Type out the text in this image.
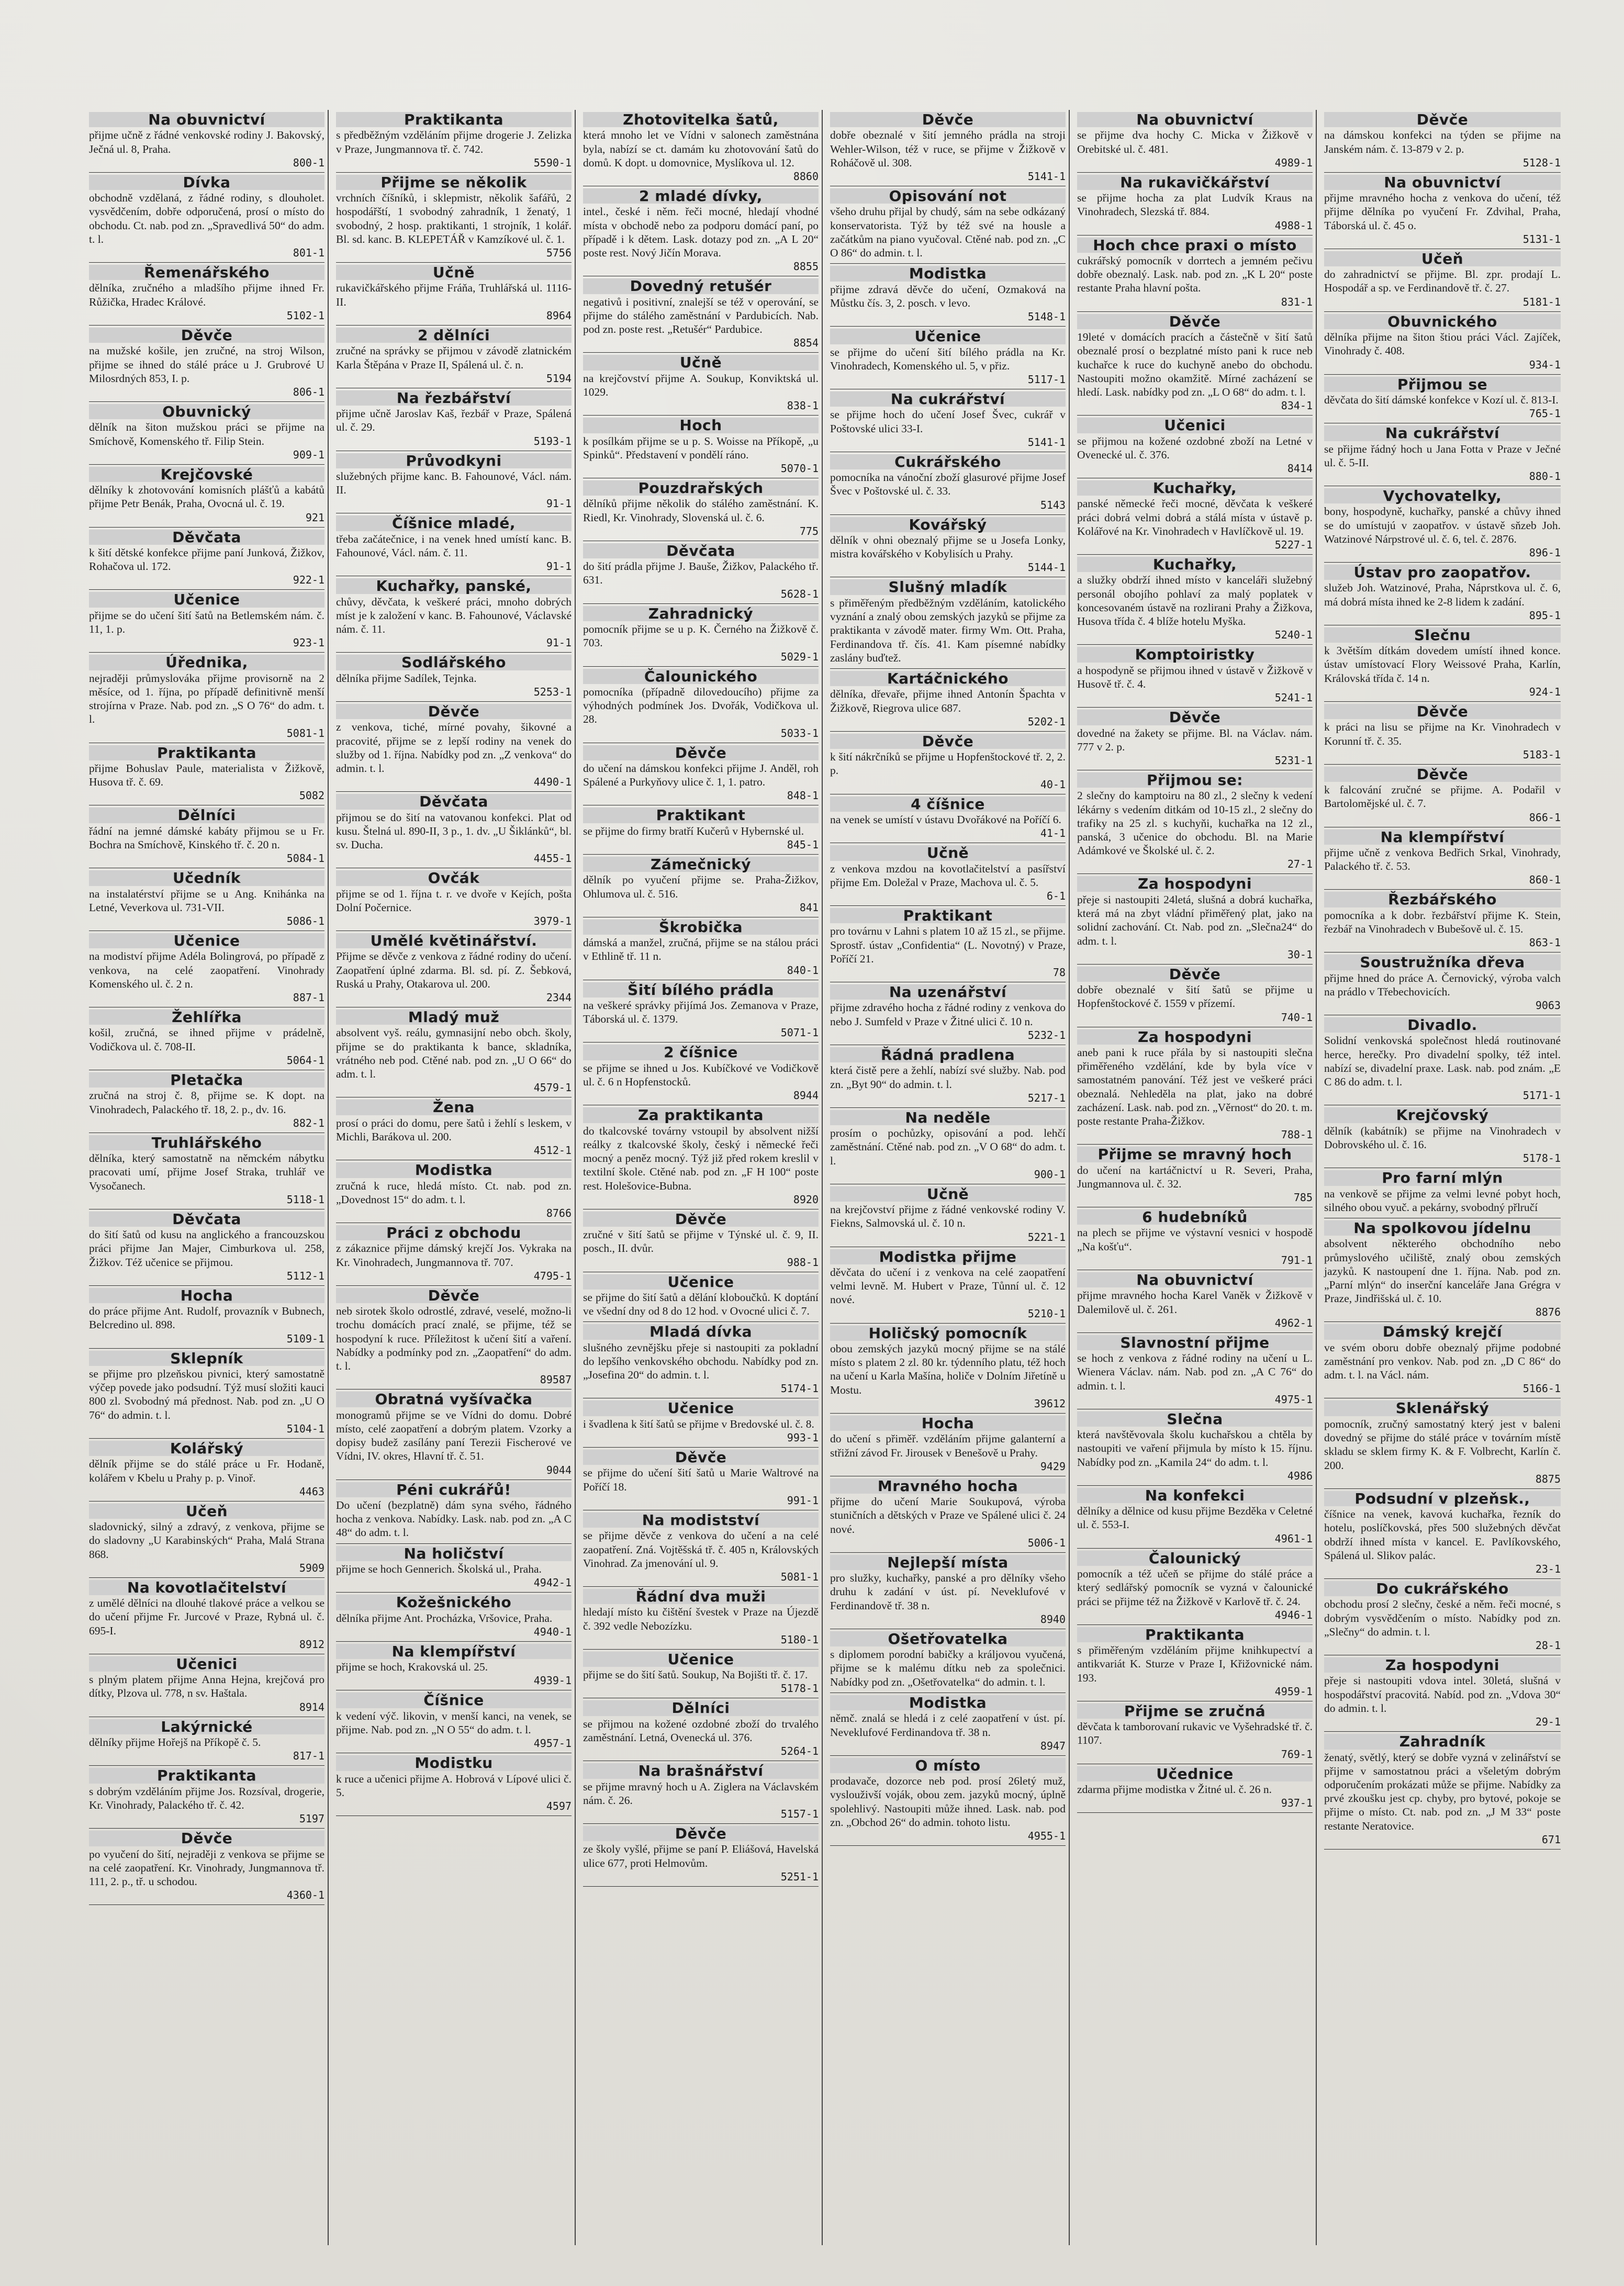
Na obuvnictví

přijme učně z řádné venkovské rodiny J. Bakovský, Ječná ul. 8, Praha.

800-1
Dívka

obchodně vzdělaná, z řádné rodiny, s dlouholet. vysvědčením, dobře odporučená, prosí o místo do obchodu. Ct. nab. pod zn. „Spravedlivá 50“ do adm. t. l.

801-1
Řemenářského

dělníka, zručného a mladšího přijme ihned Fr. Růžička, Hradec Králové.

5102-1
Děvče

na mužské košile, jen zručné, na stroj Wilson, přijme se ihned do stálé práce u J. Grubrové U Milosrdných 853, I. p.

806-1
Obuvnický

dělník na šiton mužskou práci se přijme na Smíchově, Komenského tř. Filip Stein.

909-1
Krejčovské

dělníky k zhotovování komisních plášťů a kabátů přijme Petr Benák, Praha, Ovocná ul. č. 19.

921
Děvčata

k šití dětské konfekce přijme paní Junková, Žižkov, Rohačova ul. 172.

922-1
Učenice

přijme se do učení šití šatů na Betlemském nám. č. 11, 1. p.

923-1
Úřednika,

nejraději průmyslováka přijme provisorně na 2 měsíce, od 1. října, po případě definitivně menší strojírna v Praze. Nab. pod zn. „S O 76“ do adm. t. l.

5081-1
Praktikanta

přijme Bohuslav Paule, materialista v Žižkově, Husova tř. č. 69.

5082
Dělníci

řádní na jemné dámské kabáty přijmou se u Fr. Bochra na Smíchově, Kinského tř. č. 20 n.

5084-1
Učedník

na instalatérství přijme se u Ang. Knihánka na Letné, Veverkova ul. 731-VII.

5086-1
Učenice

na modiství přijme Adéla Bolingrová, po případě z venkova, na celé zaopatření. Vinohrady Komenského ul. č. 2 n.

887-1
Žehlířka

košil, zručná, se ihned přijme v prádelně, Vodičkova ul. č. 708-II.

5064-1
Pletačka

zručná na stroj č. 8, přijme se. K dopt. na Vinohradech, Palackého tř. 18, 2. p., dv. 16.

882-1
Truhlářského

dělníka, který samostatně na němckém nábytku pracovati umí, přijme Josef Straka, truhlář ve Vysočanech.

5118-1
Děvčata

do šití šatů od kusu na anglického a francouzskou práci přijme Jan Majer, Cimburkova ul. 258, Žižkov. Též učenice se přijmou.

5112-1
Hocha

do práce přijme Ant. Rudolf, provazník v Bubnech, Belcredino ul. 898.

5109-1
Sklepník

se přijme pro plzeňskou pivnici, který samostatně výčep povede jako podsudní. Týž musí složiti kauci 800 zl. Svobodný má přednost. Nab. pod zn. „U O 76“ do admin. t. l.

5104-1
Kolářský

dělník přijme se do stálé práce u Fr. Hodaně, kolářem v Kbelu u Prahy p. p. Vinoř.

4463
Učeň

sladovnický, silný a zdravý, z venkova, přijme se do sladovny „U Karabinských“ Praha, Malá Strana 868.

5909
Na kovotlačitelství

z umělé dělníci na dlouhé tlakové práce a velkou se do učení přijme Fr. Jurcové v Praze, Rybná ul. č. 695-I.

8912
Učenici

s plným platem přijme Anna Hejna, krejčová pro dítky, Plzova ul. 778, n sv. Haštala.

8914
Lakýrnické

dělníky přijme Hořejš na Příkopě č. 5.

817-1
Praktikanta

s dobrým vzděláním přijme Jos. Rozsíval, drogerie, Kr. Vinohrady, Palackého tř. č. 42.

5197
Děvče

po vyučení do šití, nejraději z venkova se přijme se na celé zaopatření. Kr. Vinohrady, Jungmannova tř. 111, 2. p., tř. u schodou.

4360-1
Praktikanta

s předběžným vzděláním přijme drogerie J. Zelizka v Praze, Jungmannova tř. č. 742.

5590-1
Přijme se několik

vrchních číšníků, i sklepmistr, několik šafářů, 2 hospodářští, 1 svobodný zahradník, 1 ženatý, 1 svobodný, 2 hosp. praktikanti, 1 strojník, 1 kolář. Bl. sd. kanc. B. KLEPETÁŘ v Kamzíkové ul. č. 1.

5756
Učně

rukavičkářského přijme Fráňa, Truhlářská ul. 1116-II.

8964
2 dělníci

zručné na správky se přijmou v závodě zlatnickém Karla Štěpána v Praze II, Spálená ul. č. n.

5194
Na řezbářství

přijme učně Jaroslav Kaš, řezbář v Praze, Spálená ul. č. 29.

5193-1
Průvodkyni

služebných přijme kanc. B. Fahounové, Václ. nám. II.

91-1
Číšnice mladé,

třeba začátečnice, i na venek hned umístí kanc. B. Fahounové, Václ. nám. č. 11.

91-1
Kuchařky, panské,

chůvy, děvčata, k veškeré práci, mnoho dobrých míst je k založení v kanc. B. Fahounové, Václavské nám. č. 11.

91-1
Sodlářského

dělníka přijme Sadílek, Tejnka.

5253-1
Děvče

z venkova, tiché, mírné povahy, šikovné a pracovité, přijme se z lepší rodiny na venek do služby od 1. října. Nabídky pod zn. „Z venkova“ do admin. t. l.

4490-1
Děvčata

přijmou se do šití na vatovanou konfekci. Plat od kusu. Štelná ul. 890-II, 3 p., 1. dv. „U Šiklánků“, bl. sv. Ducha.

4455-1
Ovčák

přijme se od 1. října t. r. ve dvoře v Kejích, pošta Dolní Počernice.

3979-1
Umělé květinářství.

Přijme se děvče z venkova z řádné rodiny do učení. Zaopatření úplné zdarma. Bl. sd. pí. Z. Šebková, Ruská u Prahy, Otakarova ul. 200.

2344
Mladý muž

absolvent vyš. reálu, gymnasijní nebo obch. školy, přijme se do praktikanta k bance, skladníka, vrátného neb pod. Ctěné nab. pod zn. „U O 66“ do adm. t. l.

4579-1
Žena

prosí o práci do domu, pere šatů i žehlí s leskem, v Michli, Barákova ul. 200.

4512-1
Modistka

zručná k ruce, hledá místo. Ct. nab. pod zn. „Dovednost 15“ do adm. t. l.

8766
Práci z obchodu

z zákaznice přijme dámský krejčí Jos. Vykraka na Kr. Vinohradech, Jungmannova tř. 707.

4795-1
Děvče

neb sirotek školo odrostlé, zdravé, veselé, možno-li trochu domácích prací znalé, se přijme, též se hospodyní k ruce. Příležitost k učení šití a vaření. Nabídky a podmínky pod zn. „Zaopatření“ do adm. t. l.

89587
Obratná vyšívačka

monogramů přijme se ve Vídni do domu. Dobré místo, celé zaopatření a dobrým platem. Vzorky a dopisy budež zasílány paní Terezii Fischerové ve Vídni, IV. okres, Hlavní tř. č. 51.

9044
Péni cukrářů!

Do učení (bezplatně) dám syna svého, řádného hocha z venkova. Nabídky. Lask. nab. pod zn. „A C 48“ do adm. t. l.

Na holičství

přijme se hoch Gennerich. Školská ul., Praha.

4942-1
Kožešnického

dělníka přijme Ant. Procházka, Vršovice, Praha.

4940-1
Na klempířství

přijme se hoch, Krakovská ul. 25.

4939-1
Číšnice

k vedení výč. likovin, v menší kanci, na venek, se přijme. Nab. pod zn. „N O 55“ do adm. t. l.

4957-1
Modistku

k ruce a učenici přijme A. Hobrová v Lípové ulici č. 5.

4597
Zhotovitelka šatů,

která mnoho let ve Vídni v salonech zaměstnána byla, nabízí se ct. damám ku zhotovování šatů do domů. K dopt. u domovnice, Myslíkova ul. 12.

8860
2 mladé dívky,

intel., české i něm. řeči mocné, hledají vhodné místa v obchodě nebo za podporu domácí paní, po případě i k dětem. Lask. dotazy pod zn. „A L 20“ poste rest. Nový Jičín Morava.

8855
Dovedný retušér

negativů i positivní, znalejší se též v operování, se přijme do stálého zaměstnání v Pardubicích. Nab. pod zn. poste rest. „Retušér“ Pardubice.

8854
Učně

na krejčovství přijme A. Soukup, Konviktská ul. 1029.

838-1
Hoch

k posílkám přijme se u p. S. Woisse na Příkopě, „u Spinků“. Představení v pondělí ráno.

5070-1
Pouzdrařských

dělníků přijme několik do stálého zaměstnání. K. Riedl, Kr. Vinohrady, Slovenská ul. č. 6.

775
Děvčata

do šití prádla přijme J. Bauše, Žižkov, Palackého tř. 631.

5628-1
Zahradnický

pomocník přijme se u p. K. Černého na Žižkově č. 703.

5029-1
Čalounického

pomocníka (případně dilovedoucího) přijme za výhodných podmínek Jos. Dvořák, Vodičkova ul. 28.

5033-1
Děvče

do učení na dámskou konfekci přijme J. Anděl, roh Spálené a Purkyňovy ulice č. 1, 1. patro.

848-1
Praktikant

se přijme do firmy bratří Kučerů v Hybernské ul.

845-1
Zámečnický

dělník po vyučení přijme se. Praha-Žižkov, Ohlumova ul. č. 516.

841
Škrobička

dámská a manžel, zručná, přijme se na stálou práci v Ethlině tř. 11 n.

840-1
Šití bílého prádla

na veškeré správky přijímá Jos. Zemanova v Praze, Táborská ul. č. 1379.

5071-1
2 číšnice

se přijme se ihned u Jos. Kubíčkové ve Vodičkově ul. č. 6 n Hopfenstocků.

8944
Za praktikanta

do tkalcovské továrny vstoupil by absolvent nižší reálky z tkalcovské školy, český i německé řeči mocný a peněz mocný. Týž již před rokem kreslil v textilní škole. Ctěné nab. pod zn. „F H 100“ poste rest. Holešovice-Bubna.

8920
Děvče

zručné v šití šatů se přijme v Týnské ul. č. 9, II. posch., II. dvůr.

988-1
Učenice

se přijme do šití šatů a dělání kloboučků. K doptání ve všední dny od 8 do 12 hod. v Ovocné ulici č. 7.

Mladá dívka

slušného zevnějšku přeje si nastoupiti za pokladní do lepšího venkovského obchodu. Nabídky pod zn. „Josefina 20“ do admin. t. l.

5174-1
Učenice

i švadlena k šití šatů se přijme v Bredovské ul. č. 8.

993-1
Děvče

se přijme do učení šití šatů u Marie Waltrové na Poříčí 18.

991-1
Na modistství

se přijme děvče z venkova do učení a na celé zaopatření. Zná. Vojtěšská tř. č. 405 n, Královských Vinohrad. Za jmenování ul. 9.

5081-1
Řádní dva muži

hledají místo ku čištění švestek v Praze na Újezdě č. 392 vedle Nebozízku.

5180-1
Učenice

přijme se do šití šatů. Soukup, Na Bojišti tř. č. 17.

5178-1
Dělníci

se přijmou na kožené ozdobné zboží do trvalého zaměstnání. Letná, Ovenecká ul. 376.

5264-1
Na brašnářství

se přijme mravný hoch u A. Ziglera na Václavském nám. č. 26.

5157-1
Děvče

ze školy vyšlé, přijme se paní P. Eliášová, Havelská ulice 677, proti Helmovům.

5251-1
Děvče

dobře obeznalé v šití jemného prádla na stroji Wehler-Wilson, též v ruce, se přijme v Žižkově v Roháčově ul. 308.

5141-1
Opisování not

všeho druhu přijal by chudý, sám na sebe odkázaný konservatorista. Týž by též své na housle a začátkům na piano vyučoval. Ctěné nab. pod zn. „C O 86“ do admin. t. l.

Modistka

přijme zdravá děvče do učení, Ozmaková na Můstku čís. 3, 2. posch. v levo.

5148-1
Učenice

se přijme do učení šití bílého prádla na Kr. Vinohradech, Komenského ul. 5, v přiz.

5117-1
Na cukrářství

se přijme hoch do učení Josef Švec, cukrář v Poštovské ulici 33-I.

5141-1
Cukrářského

pomocníka na vánoční zboží glasurové přijme Josef Švec v Poštovské ul. č. 33.

5143
Kovářský

dělník v ohni obeznalý přijme se u Josefa Lonky, mistra kovářského v Kobylisích u Prahy.

5144-1
Slušný mladík

s přiměřeným předběžným vzděláním, katolického vyznání a znalý obou zemských jazyků se přijme za praktikanta v závodě mater. firmy Wm. Ott. Praha, Ferdinandova tř. čís. 41. Kam písemné nabídky zaslány buďtež.

Kartáčnického

dělníka, dřevaře, přijme ihned Antonín Špachta v Žižkově, Riegrova ulice 687.

5202-1
Děvče

k šití nákrčníků se přijme u Hopfenštockové tř. 2, 2. p.

40-1
4 číšnice

na venek se umístí v ústavu Dvořákové na Poříčí 6.

41-1
Učně

z venkova mzdou na kovotlačitelství a pasířství přijme Em. Doležal v Praze, Machova ul. č. 5.

6-1
Praktikant

pro továrnu v Lahni s platem 10 až 15 zl., se přijme. Sprostř. ústav „Confidentia“ (L. Novotný) v Praze, Poříčí 21.

78
Na uzenářství

přijme zdravého hocha z řádné rodiny z venkova do nebo J. Sumfeld v Praze v Žitné ulici č. 10 n.

5232-1
Řádná pradlena

která čistě pere a žehlí, nabízí své služby. Nab. pod zn. „Byt 90“ do admin. t. l.

5217-1
Na neděle

prosím o pochůzky, opisování a pod. lehčí zaměstnání. Ctěné nab. pod zn. „V O 68“ do adm. t. l.

900-1
Učně

na krejčovství přijme z řádné venkovské rodiny V. Fiekns, Salmovská ul. č. 10 n.

5221-1
Modistka přijme

děvčata do učení i z venkova na celé zaopatření velmi levně. M. Hubert v Praze, Tůnní ul. č. 12 nové.

5210-1
Holičský pomocník

obou zemských jazyků mocný přijme se na stálé místo s platem 2 zl. 80 kr. týdenního platu, též hoch na učení u Karla Mašína, holiče v Dolním Jiřetíně u Mostu.

39612
Hocha

do učení s přiměř. vzděláním přijme galanterní a střižní závod Fr. Jirousek v Benešově u Prahy.

9429
Mravného hocha

přijme do učení Marie Soukupová, výroba stuničních a dětských v Praze ve Spálené ulici č. 24 nové.

5006-1
Nejlepší místa

pro služky, kuchařky, panské a pro dělníky všeho druhu k zadání v úst. pí. Neveklufové v Ferdinandově tř. 38 n.

8940
Ošetřovatelka

s diplomem porodní babičky a králjovou vyučená, přijme se k malému dítku neb za společnici. Nabídky pod zn. „Ošetřovatelka“ do admin. t. l.

Modistka

němč. znalá se hledá i z celé zaopatření v úst. pí. Neveklufové Ferdinandova tř. 38 n.

8947
O místo

prodavače, dozorce neb pod. prosí 26letý muž, vyslouživší voják, obou zem. jazyků mocný, úplně spolehlivý. Nastoupiti může ihned. Lask. nab. pod zn. „Obchod 26“ do admin. tohoto listu.

4955-1
Na obuvnictví

se přijme dva hochy C. Micka v Žižkově v Orebitské ul. č. 481.

4989-1
Na rukavičkářství

se přijme hocha za plat Ludvík Kraus na Vinohradech, Slezská tř. 884.

4988-1
Hoch chce praxi o místo

cukrářský pomocník v dorrtech a jemném pečivu dobře obeznalý. Lask. nab. pod zn. „K L 20“ poste restante Praha hlavní pošta.

831-1
Děvče

19leté v domácích pracích a částečně v šití šatů obeznalé prosí o bezplatné místo pani k ruce neb kuchařce k ruce do kuchyně anebo do obchodu. Nastoupiti možno okamžitě. Mírné zacházení se hledí. Lask. nabídky pod zn. „L O 68“ do adm. t. l.

834-1
Učenici

se přijmou na kožené ozdobné zboží na Letné v Ovenecké ul. č. 376.

8414
Kuchařky,

panské německé řeči mocné, děvčata k veškeré práci dobrá velmi dobrá a stálá místa v ústavě p. Kolářové na Kr. Vinohradech v Havlíčkově ul. 19.

5227-1
Kuchařky,

a služky obdrží ihned místo v kanceláři služebný personál obojího pohlaví za malý poplatek v koncesovaném ústavě na rozlirani Prahy a Žižkova, Husova třída č. 4 blíže hotelu Myška.

5240-1
Komptoiristky

a hospodyně se přijmou ihned v ústavě v Žižkově v Husově tř. č. 4.

5241-1
Děvče

dovedné na žakety se přijme. Bl. na Václav. nám. 777 v 2. p.

5231-1
Přijmou se:

2 slečny do kamptoiru na 80 zl., 2 slečny k vedení lékárny s vedením ditkám od 10-15 zl., 2 slečny do trafiky na 25 zl. s kuchyňi, kuchařka na 12 zl., panská, 3 učenice do obchodu. Bl. na Marie Adámkové ve Školské ul. č. 2.

27-1
Za hospodyni

přeje si nastoupiti 24letá, slušná a dobrá kuchařka, která má na zbyt vládní přiměřený plat, jako na solidní zachování. Ct. Nab. pod zn. „Slečna24“ do adm. t. l.

30-1
Děvče

dobře obeznalé v šití šatů se přijme u Hopfenštockové č. 1559 v přízemí.

740-1
Za hospodyni

aneb pani k ruce přála by si nastoupiti slečna přiměřeného vzdělání, kde by byla více v samostatném panování. Též jest ve veškeré práci obeznalá. Nehleděla na plat, jako na dobré zacházení. Lask. nab. pod zn. „Věrnost“ do 20. t. m. poste restante Praha-Žižkov.

788-1
Přijme se mravný hoch

do učení na kartáčnictví u R. Severi, Praha, Jungmannova ul. č. 32.

785
6 hudebníků

na plech se přijme ve výstavní vesnici v hospodě „Na košťu“.

791-1
Na obuvnictví

přijme mravného hocha Karel Vaněk v Žižkově v Dalemilově ul. č. 261.

4962-1
Slavnostní přijme

se hoch z venkova z řádné rodiny na učení u L. Wienera Václav. nám. Nab. pod zn. „A C 76“ do admin. t. l.

4975-1
Slečna

která navštěvovala školu kuchařskou a chtěla by nastoupiti ve vaření přijmula by místo k 15. říjnu. Nabídky pod zn. „Kamila 24“ do adm. t. l.

4986
Na konfekci

dělníky a dělnice od kusu přijme Bezděka v Celetné ul. č. 553-I.

4961-1
Čalounický

pomocník a též učeň se přijme do stálé práce a který sedlářský pomocník se vyzná v čalounické práci se přijme též na Žižkově v Karlově tř. č. 24.

4946-1
Praktikanta

s přiměřeným vzděláním přijme knihkupectví a antikvariát K. Sturze v Praze I, Křižovnické nám. 193.

4959-1
Přijme se zručná

děvčata k tamborovaní rukavic ve Vyšehradské tř. č. 1107.

769-1
Učednice

zdarma přijme modistka v Žitné ul. č. 26 n.

937-1
Děvče

na dámskou konfekci na týden se přijme na Janském nám. č. 13-879 v 2. p.

5128-1
Na obuvnictví

přijme mravného hocha z venkova do učení, též přijme dělníka po vyučení Fr. Zdvihal, Praha, Táborská ul. č. 45 o.

5131-1
Učeň

do zahradnictví se přijme. Bl. zpr. prodají L. Hospodář a sp. ve Ferdinandově tř. č. 27.

5181-1
Obuvnického

dělníka přijme na šiton štiou práci Václ. Zajíček, Vinohrady č. 408.

934-1
Přijmou se

děvčata do šití dámské konfekce v Kozí ul. č. 813-I.

765-1
Na cukrářství

se přijme řádný hoch u Jana Fotta v Praze v Ječné ul. č. 5-II.

880-1
Vychovatelky,

bony, hospodyně, kuchařky, panské a chůvy ihned se do umístujú v zaopatřov. v ústavě sňzeb Joh. Watzinové Nárpstrové ul. č. 6, tel. č. 2876.

896-1
Ústav pro zaopatřov.

služeb Joh. Watzinové, Praha, Náprstkova ul. č. 6, má dobrá místa ihned ke 2-8 lidem k zadání.

895-1
Slečnu

k 3větším dítkám dovedem umístí ihned konce. ústav umístovací Flory Weissové Praha, Karlín, Královská třída č. 14 n.

924-1
Děvče

k práci na lisu se přijme na Kr. Vinohradech v Korunní tř. č. 35.

5183-1
Děvče

k falcování zručné se přijme. A. Podařil v Bartolomějské ul. č. 7.

866-1
Na klempířství

přijme učně z venkova Bedřich Srkal, Vinohrady, Palackého tř. č. 53.

860-1
Řezbářského

pomocníka a k dobr. řezbářství přijme K. Stein, řezbář na Vinohradech v Bubešově ul. č. 15.

863-1
Soustružníka dřeva

přijme hned do práce A. Černovický, výroba valch na prádlo v Třebechovicích.

9063
Divadlo.

Solidní venkovská společnost hledá routinované herce, herečky. Pro divadelní spolky, též intel. nabízí se, divadelní praxe. Lask. nab. pod znám. „E C 86 do adm. t. l.

5171-1
Krejčovský

dělník (kabátník) se přijme na Vinohradech v Dobrovského ul. č. 16.

5178-1
Pro farní mlýn

na venkově se přijme za velmi levné pobyt hoch, silného obou vyuč. a pekárny, svobodný přlručí

Na spolkovou jídelnu

absolvent některého obchodního nebo průmyslového učiliště, znalý obou zemských jazyků. K nastoupení dne 1. října. Nab. pod zn. „Parní mlýn“ do inserční kanceláře Jana Grégra v Praze, Jindřišská ul. č. 10.

8876
Dámský krejčí

ve svém oboru dobře obeznalý přijme podobné zaměstnání pro venkov. Nab. pod zn. „D C 86“ do adm. t. l. na Václ. nám.

5166-1
Sklenářský

pomocník, zručný samostatný který jest v baleni dovedný se přijme do stálé práce v továrním místě skladu se sklem firmy K. & F. Volbrecht, Karlín č. 200.

8875
Podsudní v plzeňsk.,

číšnice na venek, kavová kuchařka, řezník do hotelu, poslíčkovská, přes 500 služebných děvčat obdrží ihned místa v kancel. E. Pavlíkovského, Spálená ul. Slikov palác.

23-1
Do cukrářského

obchodu prosí 2 slečny, české a něm. řeči mocné, s dobrým vysvědčením o místo. Nabídky pod zn. „Slečny“ do admin. t. l.

28-1
Za hospodyni

přeje si nastoupiti vdova intel. 30letá, slušná v hospodářství pracovitá. Nabíd. pod zn. „Vdova 30“ do admin. t. l.

29-1
Zahradník

ženatý, světlý, který se dobře vyzná v zelinářství se přijme v samostatnou práci a všeletým dobrým odporučením prokázati může se přijme. Nabídky za prvé zkoušku jest cp. chyby, pro bytové, pokoje se přijme o místo. Ct. nab. pod zn. „J M 33“ poste restante Neratovice.

671
